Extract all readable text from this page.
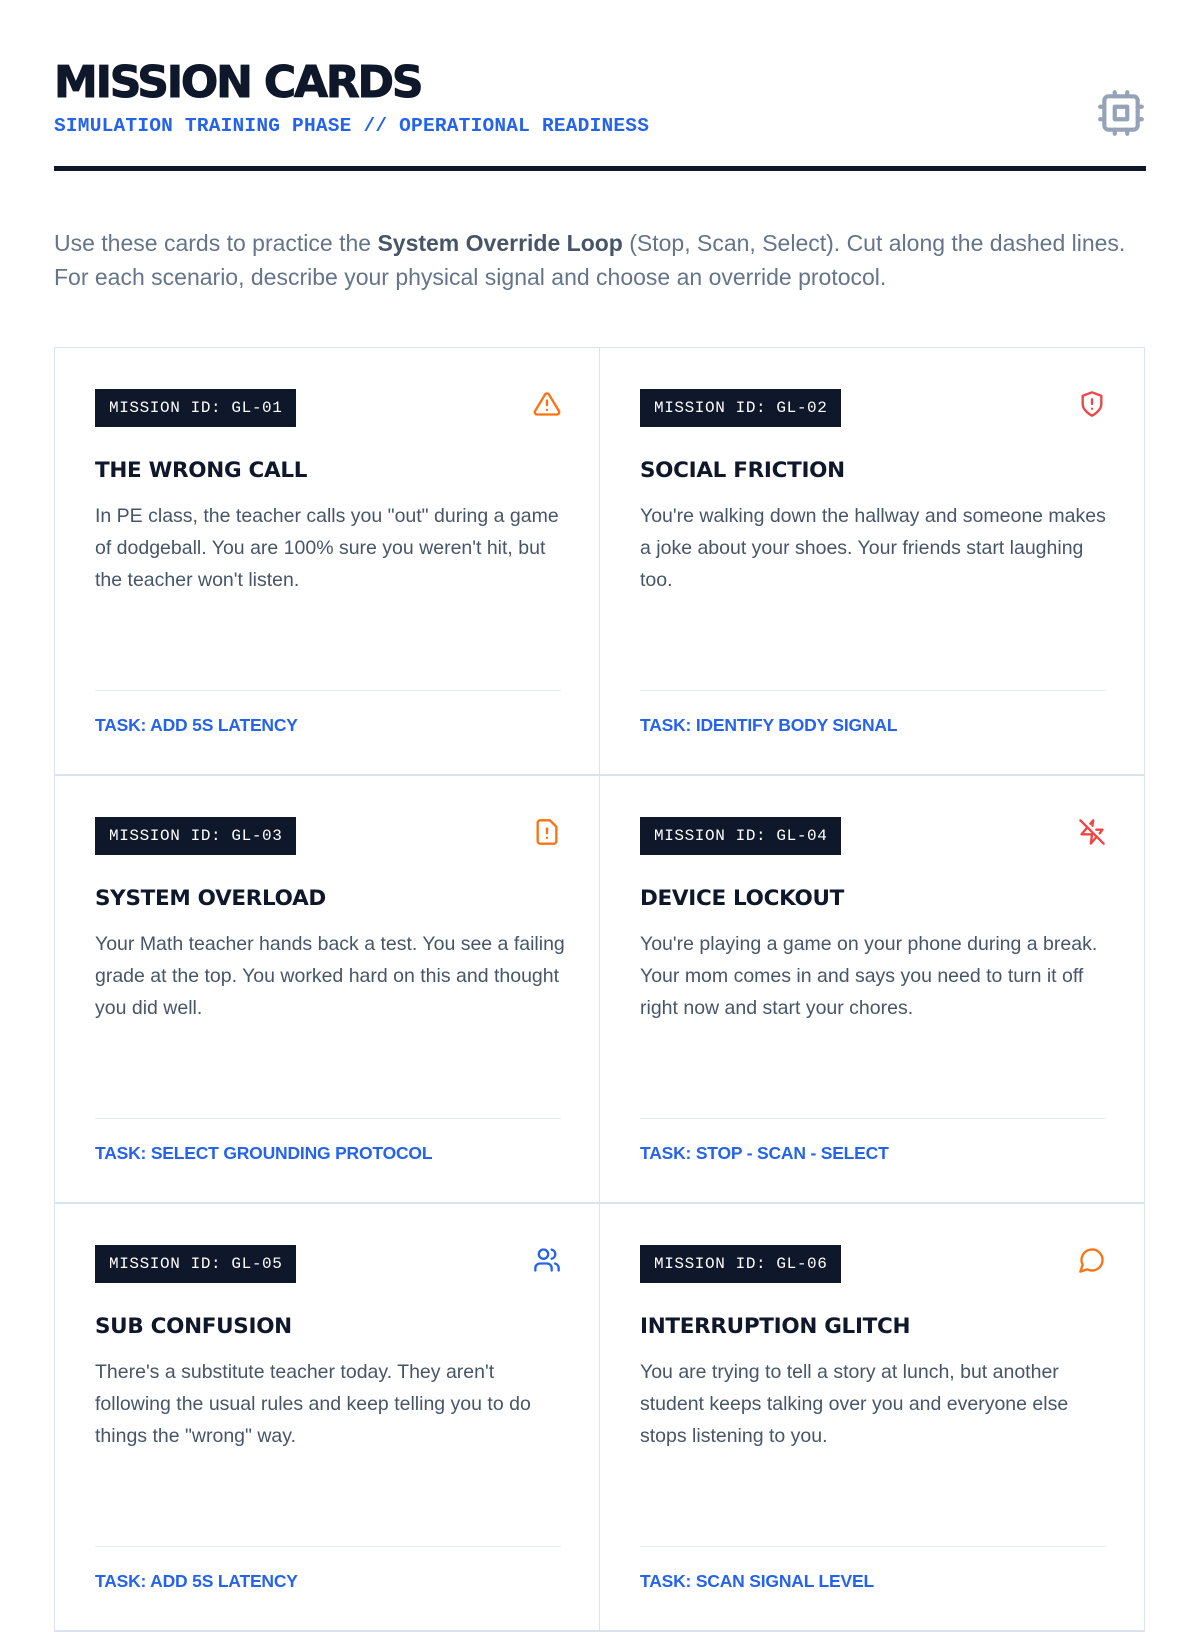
MISSION CARDS
SIMULATION TRAINING PHASE // OPERATIONAL READINESS
Use these cards to practice the System Override Loop (Stop, Scan, Select). Cut along the dashed lines. For each scenario, describe your physical signal and choose an override protocol.
MISSION ID: GL-01
THE WRONG CALL
In PE class, the teacher calls you "out" during a game of dodgeball. You are 100% sure you weren't hit, but the teacher won't listen.
TASK: ADD 5S LATENCY
MISSION ID: GL-02
SOCIAL FRICTION
You're walking down the hallway and someone makes a joke about your shoes. Your friends start laughing too.
TASK: IDENTIFY BODY SIGNAL
MISSION ID: GL-03
SYSTEM OVERLOAD
Your Math teacher hands back a test. You see a failing grade at the top. You worked hard on this and thought you did well.
TASK: SELECT GROUNDING PROTOCOL
MISSION ID: GL-04
DEVICE LOCKOUT
You're playing a game on your phone during a break. Your mom comes in and says you need to turn it off right now and start your chores.
TASK: STOP - SCAN - SELECT
MISSION ID: GL-05
SUB CONFUSION
There's a substitute teacher today. They aren't following the usual rules and keep telling you to do things the "wrong" way.
TASK: ADD 5S LATENCY
MISSION ID: GL-06
INTERRUPTION GLITCH
You are trying to tell a story at lunch, but another student keeps talking over you and everyone else stops listening to you.
TASK: SCAN SIGNAL LEVEL
